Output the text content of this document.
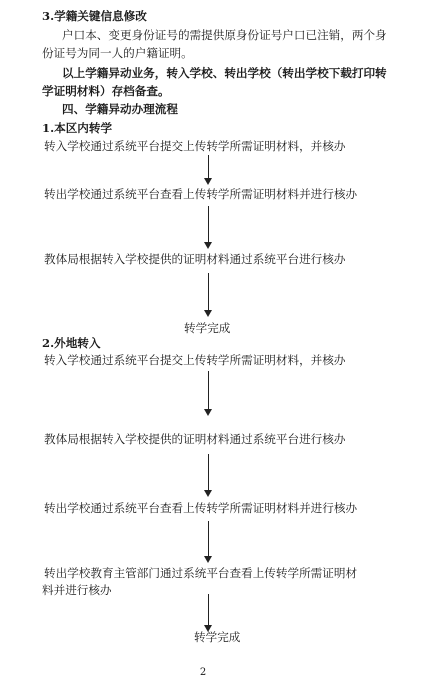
3.学籍关键信息修改
户口本、变更身份证号的需提供原身份证号户口已注销，两个身
份证号为同一人的户籍证明。
以上学籍异动业务，转入学校、转出学校（转出学校下载打印转
学证明材料）存档备查。
四、学籍异动办理流程
1.本区内转学
转入学校通过系统平台提交上传转学所需证明材料，并核办
转出学校通过系统平台查看上传转学所需证明材料并进行核办
教体局根据转入学校提供的证明材料通过系统平台进行核办
转学完成
2.外地转入
转入学校通过系统平台提交上传转学所需证明材料，并核办
教体局根据转入学校提供的证明材料通过系统平台进行核办
转出学校通过系统平台查看上传转学所需证明材料并进行核办
转出学校教育主管部门通过系统平台查看上传转学所需证明材
料并进行核办
转学完成
2
